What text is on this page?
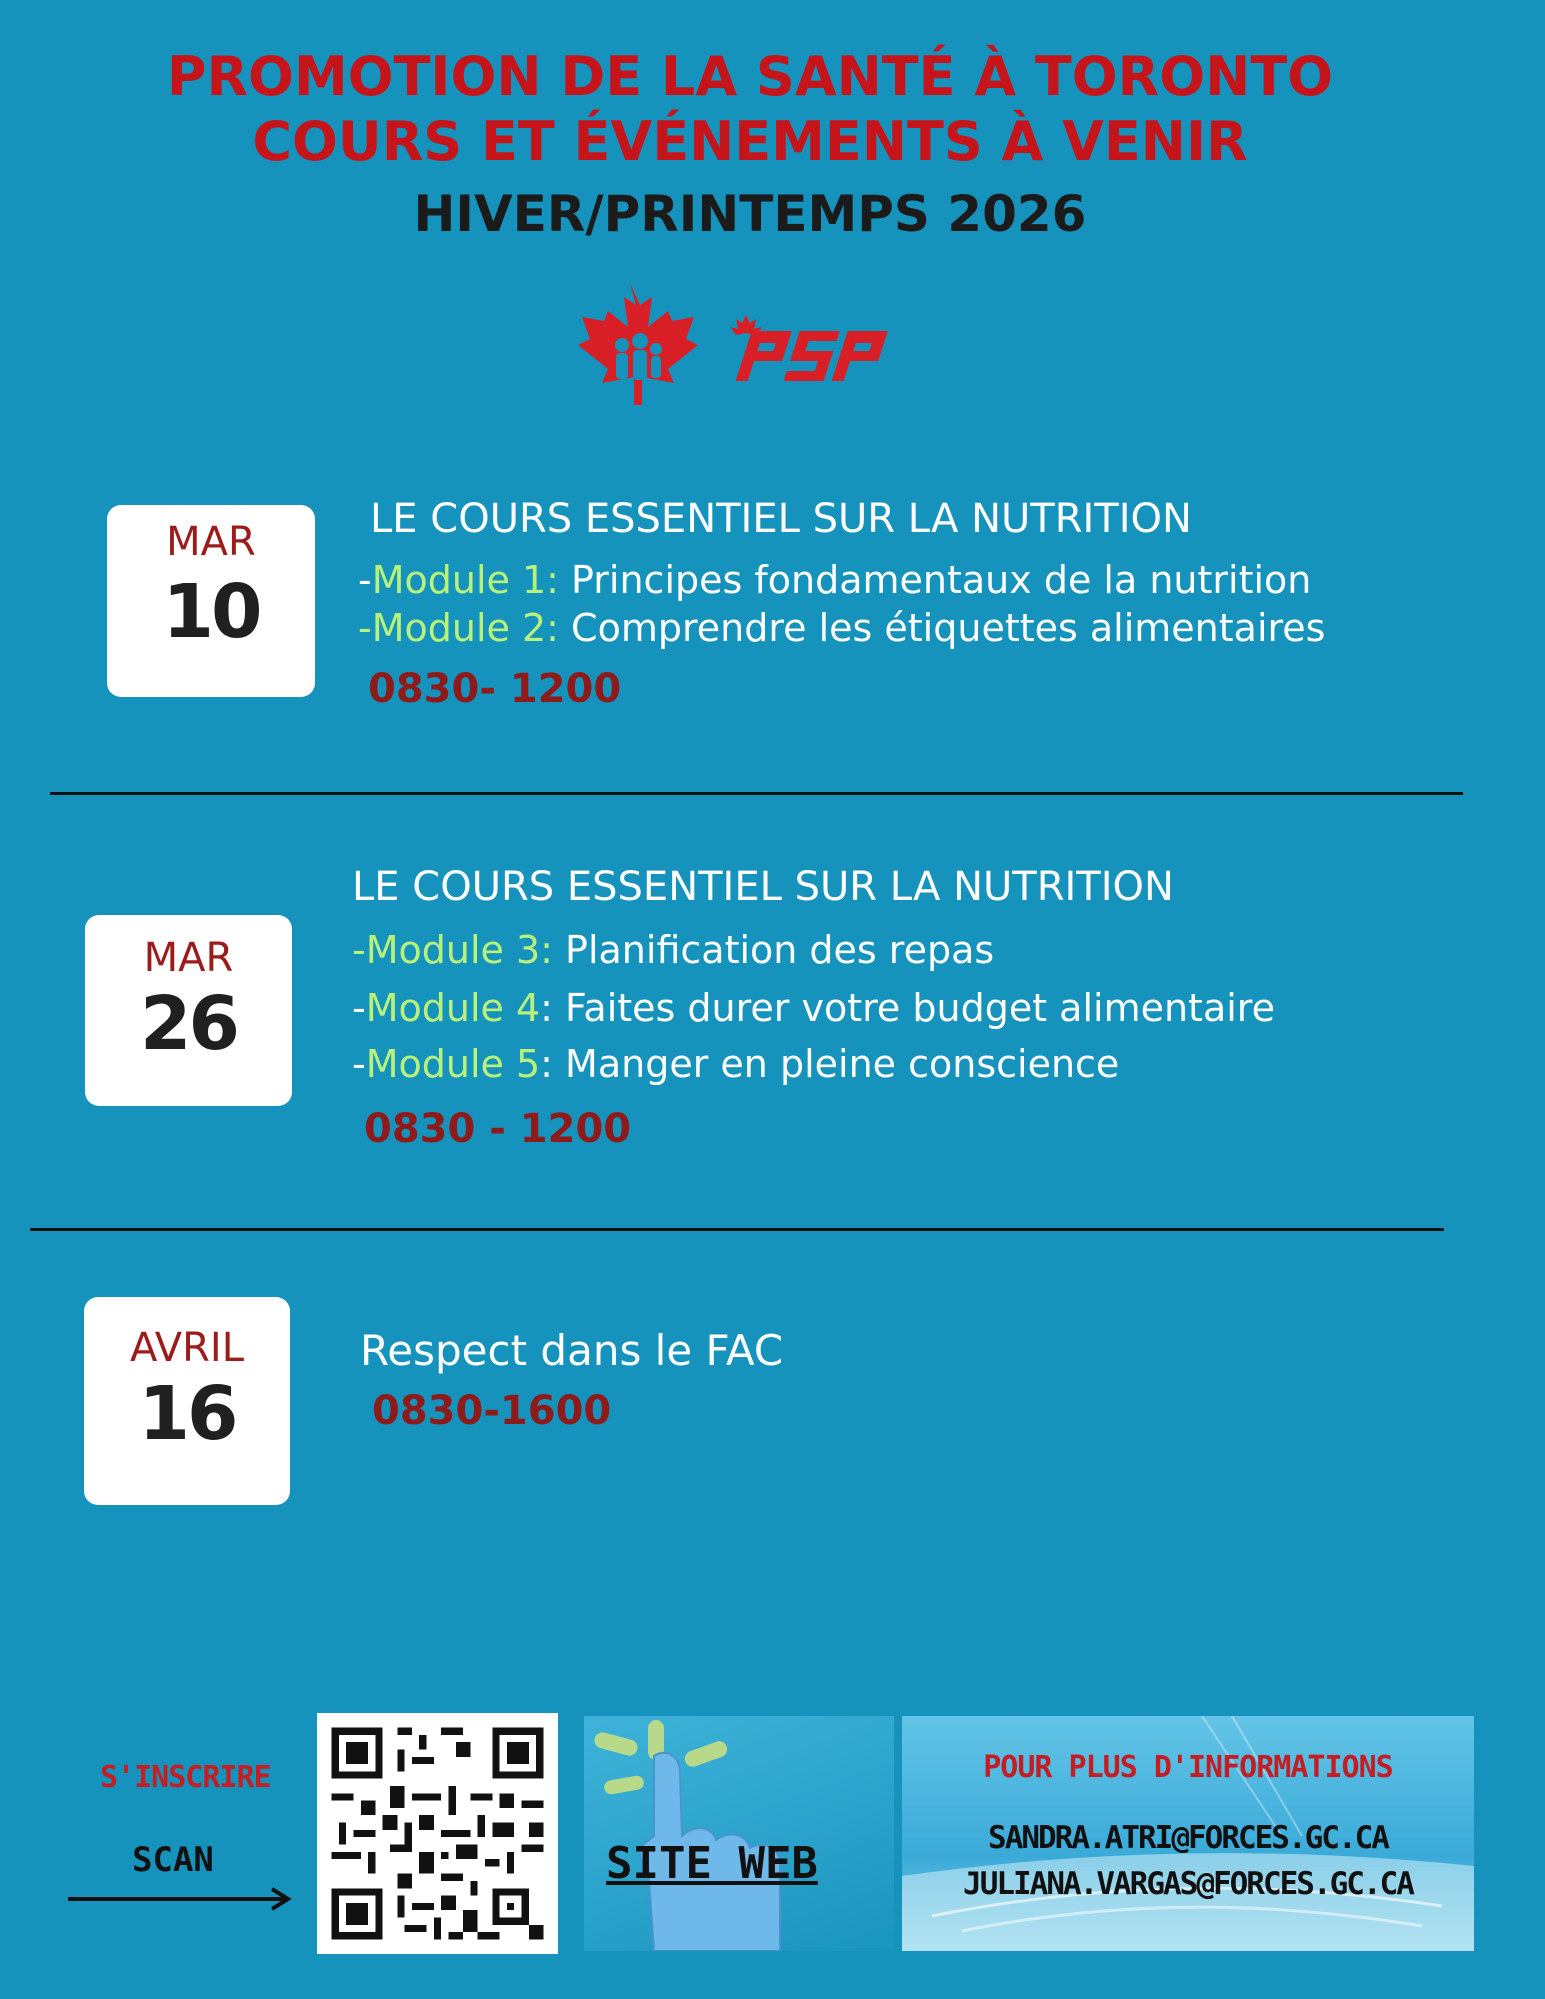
PROMOTION DE LA SANTÉ À TORONTO
COURS ET ÉVÉNEMENTS À VENIR
HIVER/PRINTEMPS 2026
MAR
10
LE COURS ESSENTIEL SUR LA NUTRITION
-Module 1: Principes fondamentaux de la nutrition
-Module 2: Comprendre les étiquettes alimentaires
0830- 1200
LE COURS ESSENTIEL SUR LA NUTRITION
MAR
26
-Module 3: Planification des repas
-Module 4: Faites durer votre budget alimentaire
-Module 5: Manger en pleine conscience
0830 - 1200
AVRIL
16
Respect dans le FAC
0830-1600
S'INSCRIRE
SCAN	SITE WEB
POUR PLUS D'INFORMATIONS
SANDRA.ATRI@FORCES.GC.CA
JULIANA.VARGAS@FORCES.GC.CA
